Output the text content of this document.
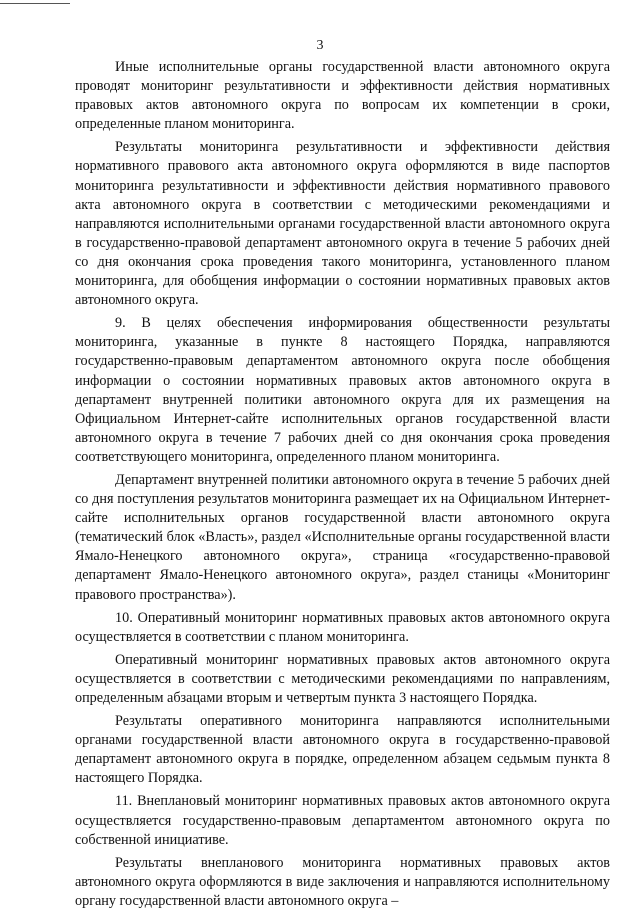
3

Иные исполнительные органы государственной власти автономного округа проводят мониторинг результативности и эффективности действия нормативных правовых актов автономного округа по вопросам их компетенции в сроки, определенные планом мониторинга.

Результаты мониторинга результативности и эффективности действия нормативного правового акта автономного округа оформляются в виде паспортов мониторинга результативности и эффективности действия нормативного правового акта автономного округа в соответствии с методическими рекомендациями и направляются исполнительными органами государственной власти автономного округа в государственно-правовой департамент автономного округа в течение 5 рабочих дней со дня окончания срока проведения такого мониторинга, установленного планом мониторинга, для обобщения информации о состоянии нормативных правовых актов автономного округа.

9. В целях обеспечения информирования общественности результаты мониторинга, указанные в пункте 8 настоящего Порядка, направляются государственно-правовым департаментом автономного округа после обобщения информации о состоянии нормативных правовых актов автономного округа в департамент внутренней политики автономного округа для их размещения на Официальном Интернет-сайте исполнительных органов государственной власти автономного округа в течение 7 рабочих дней со дня окончания срока проведения соответствующего мониторинга, определенного планом мониторинга.

Департамент внутренней политики автономного округа в течение 5 рабочих дней со дня поступления результатов мониторинга размещает их на Официальном Интернет-сайте исполнительных органов государственной власти автономного округа (тематический блок «Власть», раздел «Исполнительные органы государственной власти Ямало-Ненецкого автономного округа», страница «государственно-правовой департамент Ямало-Ненецкого автономного округа», раздел станицы «Мониторинг правового пространства»).

10. Оперативный мониторинг нормативных правовых актов автономного округа осуществляется в соответствии с планом мониторинга.

Оперативный мониторинг нормативных правовых актов автономного округа осуществляется в соответствии с методическими рекомендациями по направлениям, определенным абзацами вторым и четвертым пункта 3 настоящего Порядка.

Результаты оперативного мониторинга направляются исполнительными органами государственной власти автономного округа в государственно-правовой департамент автономного округа в порядке, определенном абзацем седьмым пункта 8 настоящего Порядка.

11. Внеплановый мониторинг нормативных правовых актов автономного округа осуществляется государственно-правовым департаментом автономного округа по собственной инициативе.

Результаты внепланового мониторинга нормативных правовых актов автономного округа оформляются в виде заключения и направляются исполнительному органу государственной власти автономного округа –
